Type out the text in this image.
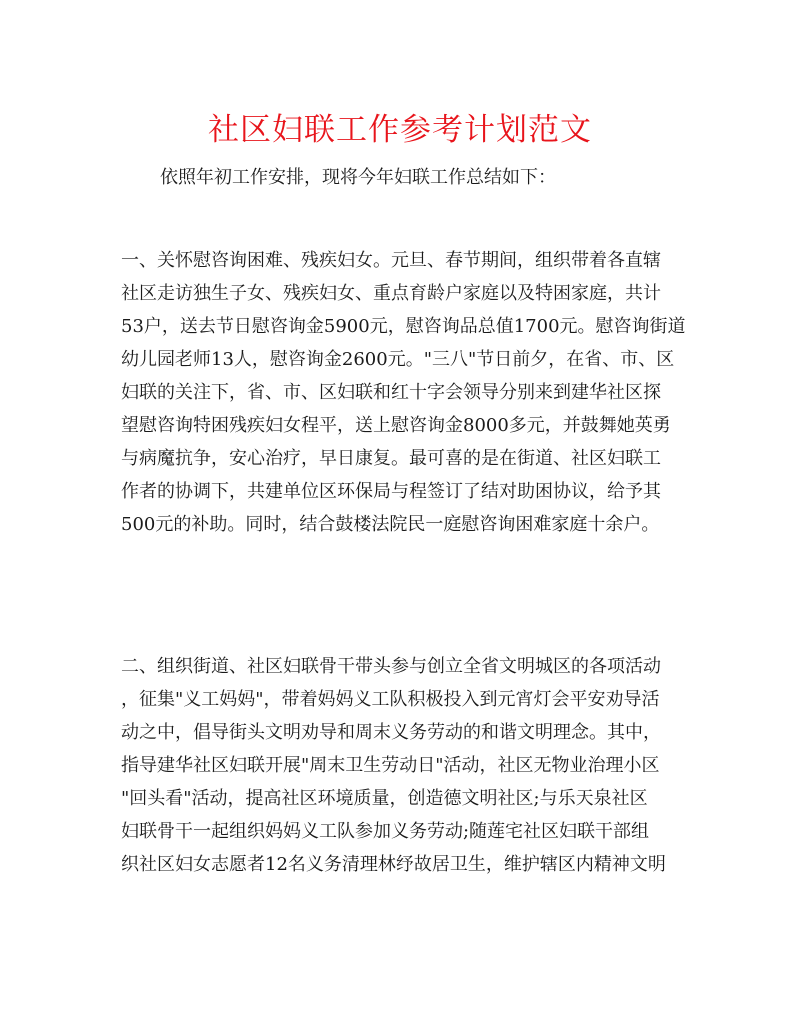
社区妇联工作参考计划范文
依照年初工作安排，现将今年妇联工作总结如下：
一、关怀慰咨询困难、残疾妇女。元旦、春节期间，组织带着各直辖
社区走访独生子女、残疾妇女、重点育龄户家庭以及特困家庭，共计
53户，送去节日慰咨询金5900元，慰咨询品总值1700元。慰咨询街道
幼儿园老师13人，慰咨询金2600元。"三八"节日前夕，在省、市、区
妇联的关注下，省、市、区妇联和红十字会领导分别来到建华社区探
望慰咨询特困残疾妇女程平，送上慰咨询金8000多元，并鼓舞她英勇
与病魔抗争，安心治疗，早日康复。最可喜的是在街道、社区妇联工
作者的协调下，共建单位区环保局与程签订了结对助困协议，给予其
500元的补助。同时，结合鼓楼法院民一庭慰咨询困难家庭十余户。
二、组织街道、社区妇联骨干带头参与创立全省文明城区的各项活动
，征集"义工妈妈"，带着妈妈义工队积极投入到元宵灯会平安劝导活
动之中，倡导街头文明劝导和周末义务劳动的和谐文明理念。其中，
指导建华社区妇联开展"周末卫生劳动日"活动，社区无物业治理小区
"回头看"活动，提高社区环境质量，创造德文明社区;与乐天泉社区
妇联骨干一起组织妈妈义工队参加义务劳动;随莲宅社区妇联干部组
织社区妇女志愿者12名义务清理林纾故居卫生，维护辖区内精神文明
